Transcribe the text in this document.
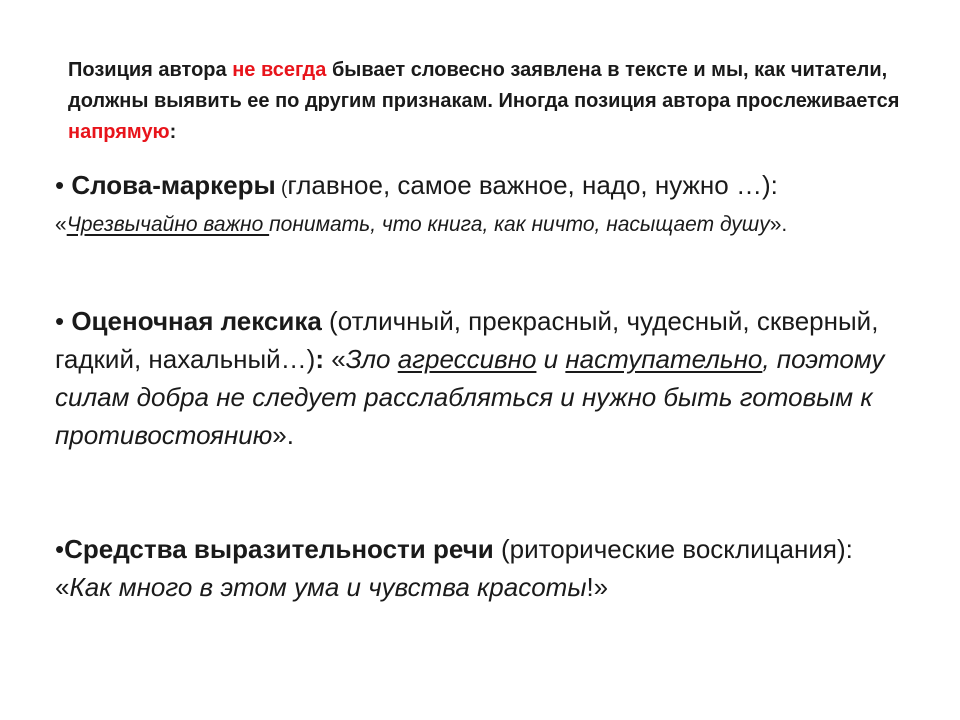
Позиция автора не всегда бывает словесно заявлена в тексте и мы, как читатели, должны выявить ее по другим признакам. Иногда позиция автора прослеживается напрямую:
• Слова-маркеры (главное, самое важное, надо, нужно …):
«Чрезвычайно важно понимать, что книга, как ничто, насыщает душу».
• Оценочная лексика (отличный, прекрасный, чудесный, скверный, гадкий, нахальный…): «Зло агрессивно и наступательно, поэтому силам добра не следует расслабляться и нужно быть готовым к противостоянию».
•Средства выразительности речи (риторические восклицания): «Как много в этом ума и чувства красоты!»
